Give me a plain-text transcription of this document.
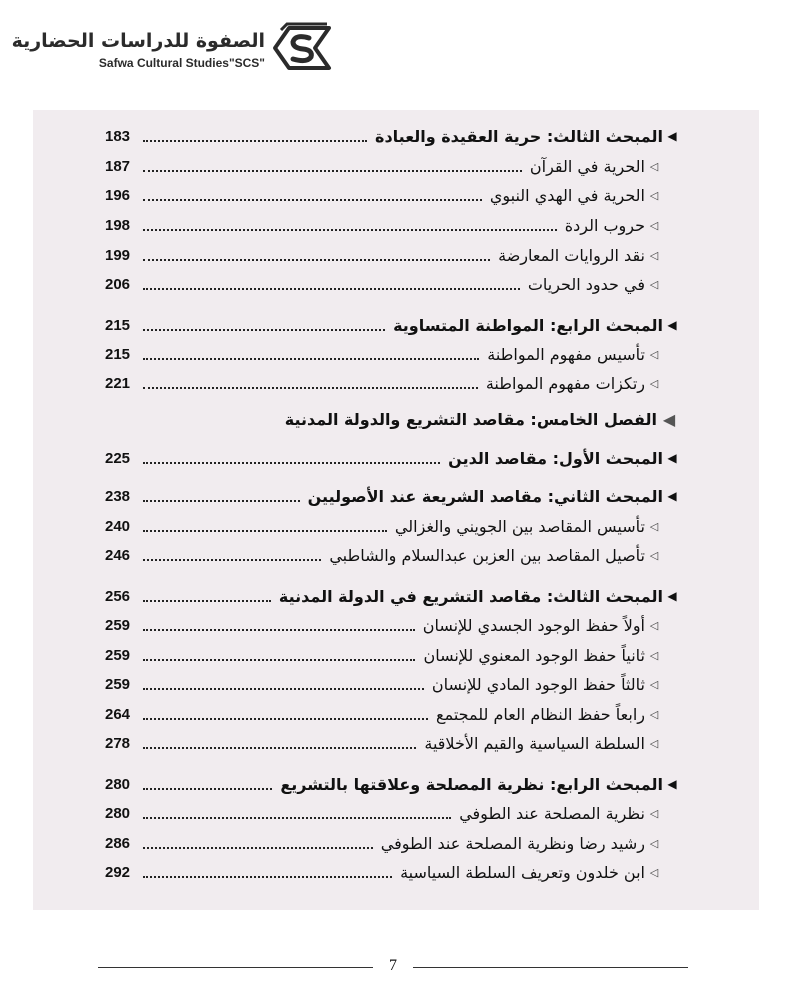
الصفوة للدراسات الحضارية
Safwa Cultural Studies"SCS"
◀
المبحث الثالث: حرية العقيدة والعبادة
183
◁
الحرية في القرآن
187
◁
الحرية في الهدي النبوي
196
◁
حروب الردة
198
◁
نقد الروايات المعارضة
199
◁
في حدود الحريات
206
◀
المبحث الرابع: المواطنة المتساوية
215
◁
تأسيس مفهوم المواطنة
215
◁
رتكزات مفهوم المواطنة
221
◀
الفصل الخامس: مقاصد التشريع والدولة المدنية
◀
المبحث الأول: مقاصد الدين
225
◀
المبحث الثاني: مقاصد الشريعة عند الأصوليين
238
◁
تأسيس المقاصد بين الجويني والغزالي
240
◁
تأصيل المقاصد بين العزبن عبدالسلام والشاطبي
246
◀
المبحث الثالث: مقاصد التشريع في الدولة المدنية
256
◁
أولاً حفظ الوجود الجسدي للإنسان
259
◁
ثانياً حفظ الوجود المعنوي للإنسان
259
◁
ثالثاً حفظ الوجود المادي للإنسان
259
◁
رابعاً حفظ النظام العام للمجتمع
264
◁
السلطة السياسية والقيم الأخلاقية
278
◀
المبحث الرابع: نظرية المصلحة وعلاقتها بالتشريع
280
◁
نظرية المصلحة عند الطوفي
280
◁
رشيد رضا ونظرية المصلحة عند الطوفي
286
◁
ابن خلدون وتعريف السلطة السياسية
292
7
